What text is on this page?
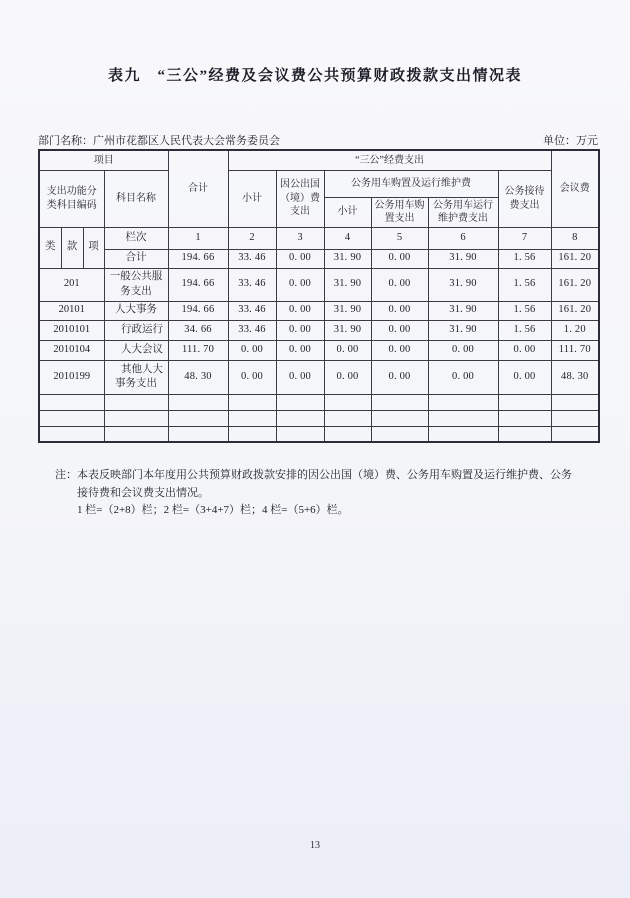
表九　“三公”经费及会议费公共预算财政拨款支出情况表
部门名称：广州市花都区人民代表大会常务委员会	单位：万元
项目				合计	“三公”经费支出						会议费
支出功能分类科目编码			科目名称		小计	因公出国（境）费支出	公务用车购置及运行维护费			公务接待费支出	
							小计	公务用车购置支出	公务用车运行维护费支出		
类	款	项	栏次	1	2	3	4	5	6	7	8
			合计	194. 66	33. 46	0. 00	31. 90	0. 00	31. 90	1. 56	161. 20
201			一般公共服务支出	194. 66	33. 46	0. 00	31. 90	0. 00	31. 90	1. 56	161. 20
20101			人大事务	194. 66	33. 46	0. 00	31. 90	0. 00	31. 90	1. 56	161. 20
2010101			行政运行	34. 66	33. 46	0. 00	31. 90	0. 00	31. 90	1. 56	1. 20
2010104			人大会议	111. 70	0. 00	0. 00	0. 00	0. 00	0. 00	0. 00	111. 70
2010199			其他人大事务支出	48. 30	0. 00	0. 00	0. 00	0. 00	0. 00	0. 00	48. 30

注： 本表反映部门本年度用公共预算财政拨款安排的因公出国（境）费、公务用车购置及运行维护费、公务接待费和会议费支出情况。

1 栏=（2+8）栏；2 栏=（3+4+7）栏；4 栏=（5+6）栏。

13
